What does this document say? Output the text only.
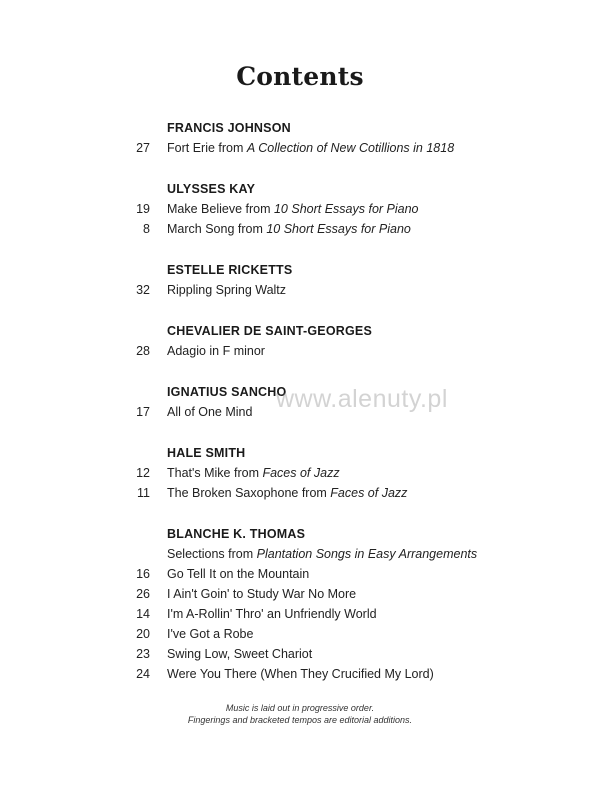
Contents
FRANCIS JOHNSON
27	Fort Erie from A Collection of New Cotillions in 1818
ULYSSES KAY
19	Make Believe from 10 Short Essays for Piano
8	March Song from 10 Short Essays for Piano
ESTELLE RICKETTS
32	Rippling Spring Waltz
CHEVALIER DE SAINT-GEORGES
28	Adagio in F minor
IGNATIUS SANCHO
17	All of One Mind
HALE SMITH
12	That's Mike from Faces of Jazz
11	The Broken Saxophone from Faces of Jazz
BLANCHE K. THOMAS
Selections from Plantation Songs in Easy Arrangements
16	Go Tell It on the Mountain
26	I Ain't Goin' to Study War No More
14	I'm A-Rollin' Thro' an Unfriendly World
20	I've Got a Robe
23	Swing Low, Sweet Chariot
24	Were You There (When They Crucified My Lord)
www.alenuty.pl
Music is laid out in progressive order.
Fingerings and bracketed tempos are editorial additions.
